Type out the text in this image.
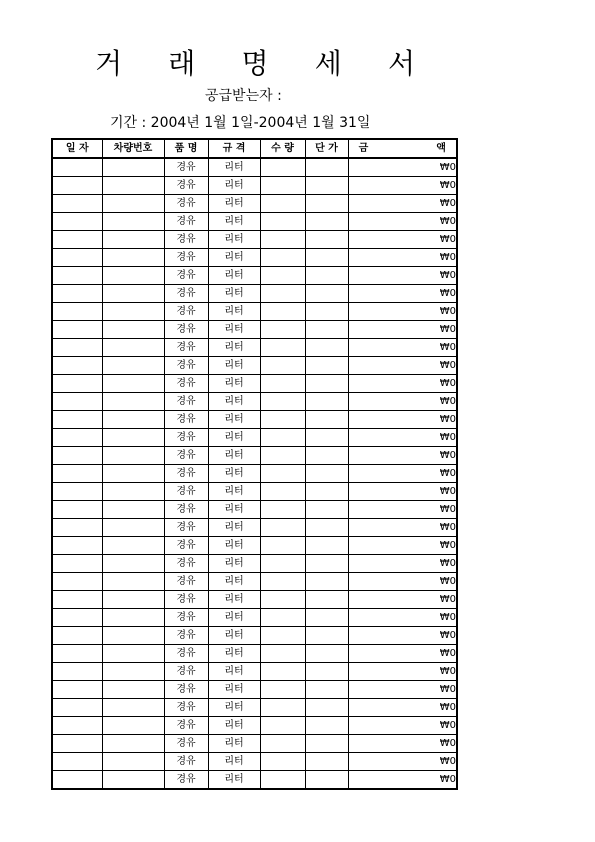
거 래 명 세 서
공급받는자 :
기간 : 2004년 1월 1일-2004년 1월 31일
일 자	차량번호	품 명	규 격	수 량	단 가	금 액
		경유	리터			₩0
		경유	리터			₩0
		경유	리터			₩0
		경유	리터			₩0
		경유	리터			₩0
		경유	리터			₩0
		경유	리터			₩0
		경유	리터			₩0
		경유	리터			₩0
		경유	리터			₩0
		경유	리터			₩0
		경유	리터			₩0
		경유	리터			₩0
		경유	리터			₩0
		경유	리터			₩0
		경유	리터			₩0
		경유	리터			₩0
		경유	리터			₩0
		경유	리터			₩0
		경유	리터			₩0
		경유	리터			₩0
		경유	리터			₩0
		경유	리터			₩0
		경유	리터			₩0
		경유	리터			₩0
		경유	리터			₩0
		경유	리터			₩0
		경유	리터			₩0
		경유	리터			₩0
		경유	리터			₩0
		경유	리터			₩0
		경유	리터			₩0
		경유	리터			₩0
		경유	리터			₩0
		경유	리터			₩0
